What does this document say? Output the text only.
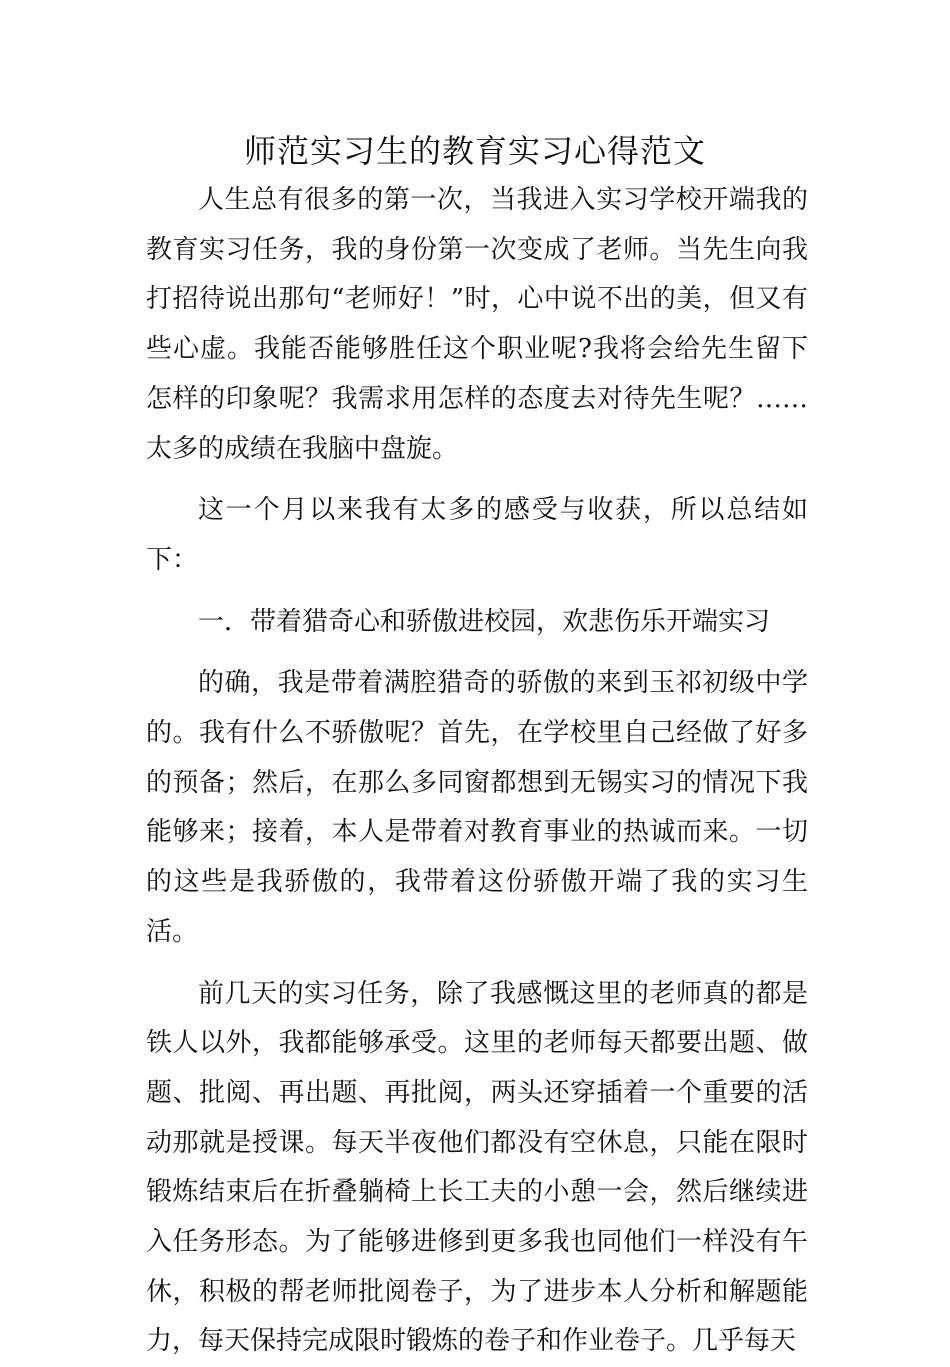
师范实习生的教育实习心得范文

人生总有很多的第一次，当我进入实习学校开端我的教育实习任务，我的身份第一次变成了老师。当先生向我打招待说出那句“老师好！”时，心中说不出的美，但又有些心虚。我能否能够胜任这个职业呢?我将会给先生留下怎样的印象呢？我需求用怎样的态度去对待先生呢？……太多的成绩在我脑中盘旋。

这一个月以来我有太多的感受与收获，所以总结如下：

一．带着猎奇心和骄傲进校园，欢悲伤乐开端实习

的确，我是带着满腔猎奇的骄傲的来到玉祁初级中学的。我有什么不骄傲呢？首先，在学校里自己经做了好多的预备；然后，在那么多同窗都想到无锡实习的情况下我能够来；接着，本人是带着对教育事业的热诚而来。一切的这些是我骄傲的，我带着这份骄傲开端了我的实习生活。

前几天的实习任务，除了我感慨这里的老师真的都是铁人以外，我都能够承受。这里的老师每天都要出题、做题、批阅、再出题、再批阅，两头还穿插着一个重要的活动那就是授课。每天半夜他们都没有空休息，只能在限时锻炼结束后在折叠躺椅上长工夫的小憩一会，然后继续进入任务形态。为了能够进修到更多我也同他们一样没有午休，积极的帮老师批阅卷子，为了进步本人分析和解题能力，每天保持完成限时锻炼的卷子和作业卷子。几乎每天
